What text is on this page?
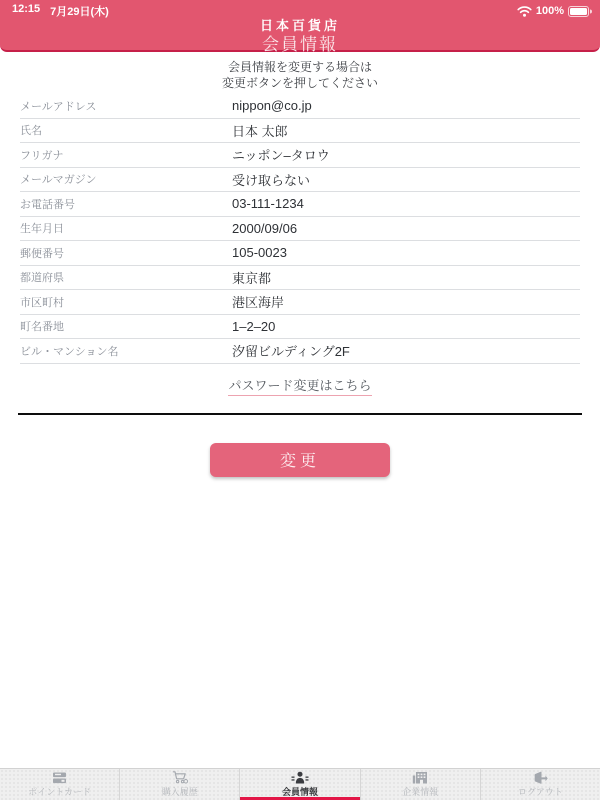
12:15 7月29日(木)	100%
日本百貨店
会員情報
会員情報を変更する場合は
変更ボタンを押してください
メールアドレス	nippon@co.jp
氏名	日本 太郎
フリガナ	ニッポン–タロウ
メールマガジン	受け取らない
お電話番号	03-111-1234
生年月日	2000/09/06
郵便番号	105-0023
都道府県	東京都
市区町村	港区海岸
町名番地	1–2–20
ビル・マンション名	汐留ビルディング2F
パスワード変更はこちら
変更
ポイントカード	購入履歴	会員情報	企業情報	ログアウト
